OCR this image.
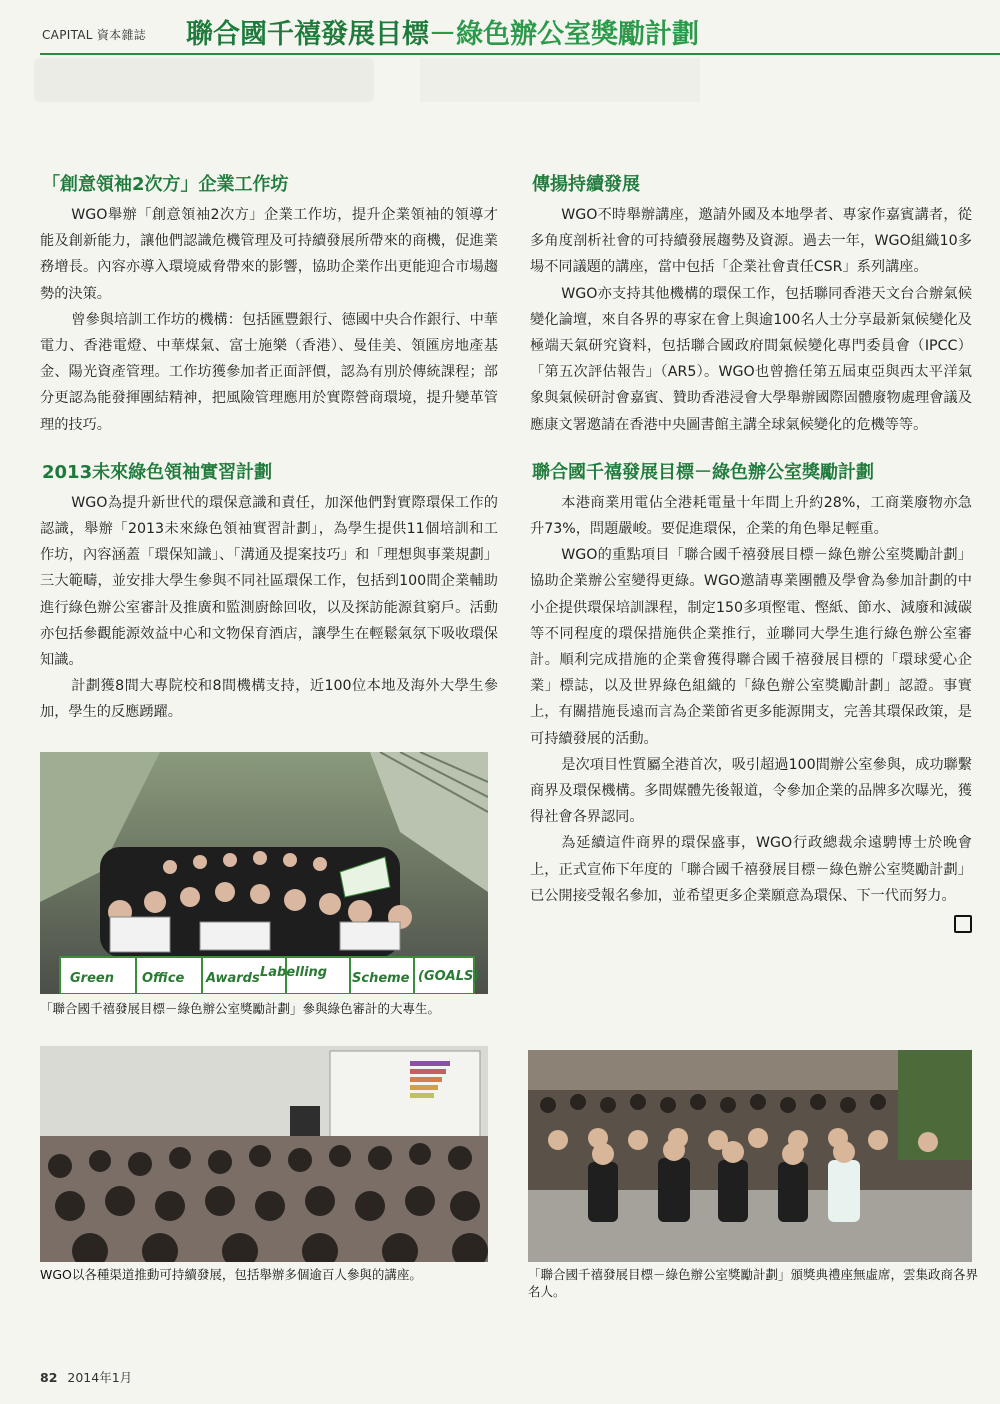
CAPITAL 資本雜誌 聯合國千禧發展目標－綠色辦公室獎勵計劃
「創意領袖2次方」企業工作坊

WGO舉辦「創意領袖2次方」企業工作坊，提升企業領袖的領導才能及創新能力，讓他們認識危機管理及可持續發展所帶來的商機，促進業務增長。內容亦導入環境威脅帶來的影響，協助企業作出更能迎合市場趨勢的決策。

曾參與培訓工作坊的機構：包括匯豐銀行、德國中央合作銀行、中華電力、香港電燈、中華煤氣、富士施樂（香港）、曼佳美、領匯房地產基金、陽光資產管理。工作坊獲參加者正面評價，認為有別於傳統課程；部分更認為能發揮團結精神，把風險管理應用於實際營商環境，提升變革管理的技巧。

2013未來綠色領袖實習計劃

WGO為提升新世代的環保意識和責任，加深他們對實際環保工作的認識，舉辦「2013未來綠色領袖實習計劃」，為學生提供11個培訓和工作坊，內容涵蓋「環保知識」、「溝通及提案技巧」和「理想與事業規劃」三大範疇，並安排大學生參與不同社區環保工作，包括到100間企業輔助進行綠色辦公室審計及推廣和監測廚餘回收，以及探訪能源貧窮戶。活動亦包括參觀能源效益中心和文物保育酒店，讓學生在輕鬆氣氛下吸收環保知識。

計劃獲8間大專院校和8間機構支持，近100位本地及海外大學生參加，學生的反應踴躍。

傳揚持續發展

WGO不時舉辦講座，邀請外國及本地學者、專家作嘉賓講者，從多角度剖析社會的可持續發展趨勢及資源。過去一年，WGO組織10多場不同議題的講座，當中包括「企業社會責任CSR」系列講座。

WGO亦支持其他機構的環保工作，包括聯同香港天文台合辦氣候變化論壇，來自各界的專家在會上與逾100名人士分享最新氣候變化及極端天氣研究資料，包括聯合國政府間氣候變化專門委員會（IPCC）「第五次評估報告」（AR5）。WGO也曾擔任第五屆東亞與西太平洋氣象與氣候研討會嘉賓、贊助香港浸會大學舉辦國際固體廢物處理會議及應康文署邀請在香港中央圖書館主講全球氣候變化的危機等等。

聯合國千禧發展目標－綠色辦公室獎勵計劃

本港商業用電佔全港耗電量十年間上升約28%，工商業廢物亦急升73%，問題嚴峻。要促進環保，企業的角色舉足輕重。

WGO的重點項目「聯合國千禧發展目標－綠色辦公室獎勵計劃」協助企業辦公室變得更綠。WGO邀請專業團體及學會為參加計劃的中小企提供環保培訓課程，制定150多項慳電、慳紙、節水、減廢和減碳等不同程度的環保措施供企業推行，並聯同大學生進行綠色辦公室審計。順利完成措施的企業會獲得聯合國千禧發展目標的「環球愛心企業」標誌，以及世界綠色組織的「綠色辦公室獎勵計劃」認證。事實上，有關措施長遠而言為企業節省更多能源開支，完善其環保政策，是可持續發展的活動。

是次項目性質屬全港首次，吸引超過100間辦公室參與，成功聯繫商界及環保機構。多間媒體先後報道，令參加企業的品牌多次曝光，獲得社會各界認同。

為延續這件商界的環保盛事，WGO行政總裁余遠騁博士於晚會上，正式宣佈下年度的「聯合國千禧發展目標－綠色辦公室獎勵計劃」已公開接受報名參加，並希望更多企業願意為環保、下一代而努力。

Green Office Awards Labelling Scheme (GOALS)
「聯合國千禧發展目標－綠色辦公室獎勵計劃」參與綠色審計的大專生。
WGO以各種渠道推動可持續發展，包括舉辦多個逾百人參與的講座。	「聯合國千禧發展目標－綠色辦公室獎勵計劃」頒獎典禮座無虛席，雲集政商各界名人。
82 2014年1月
